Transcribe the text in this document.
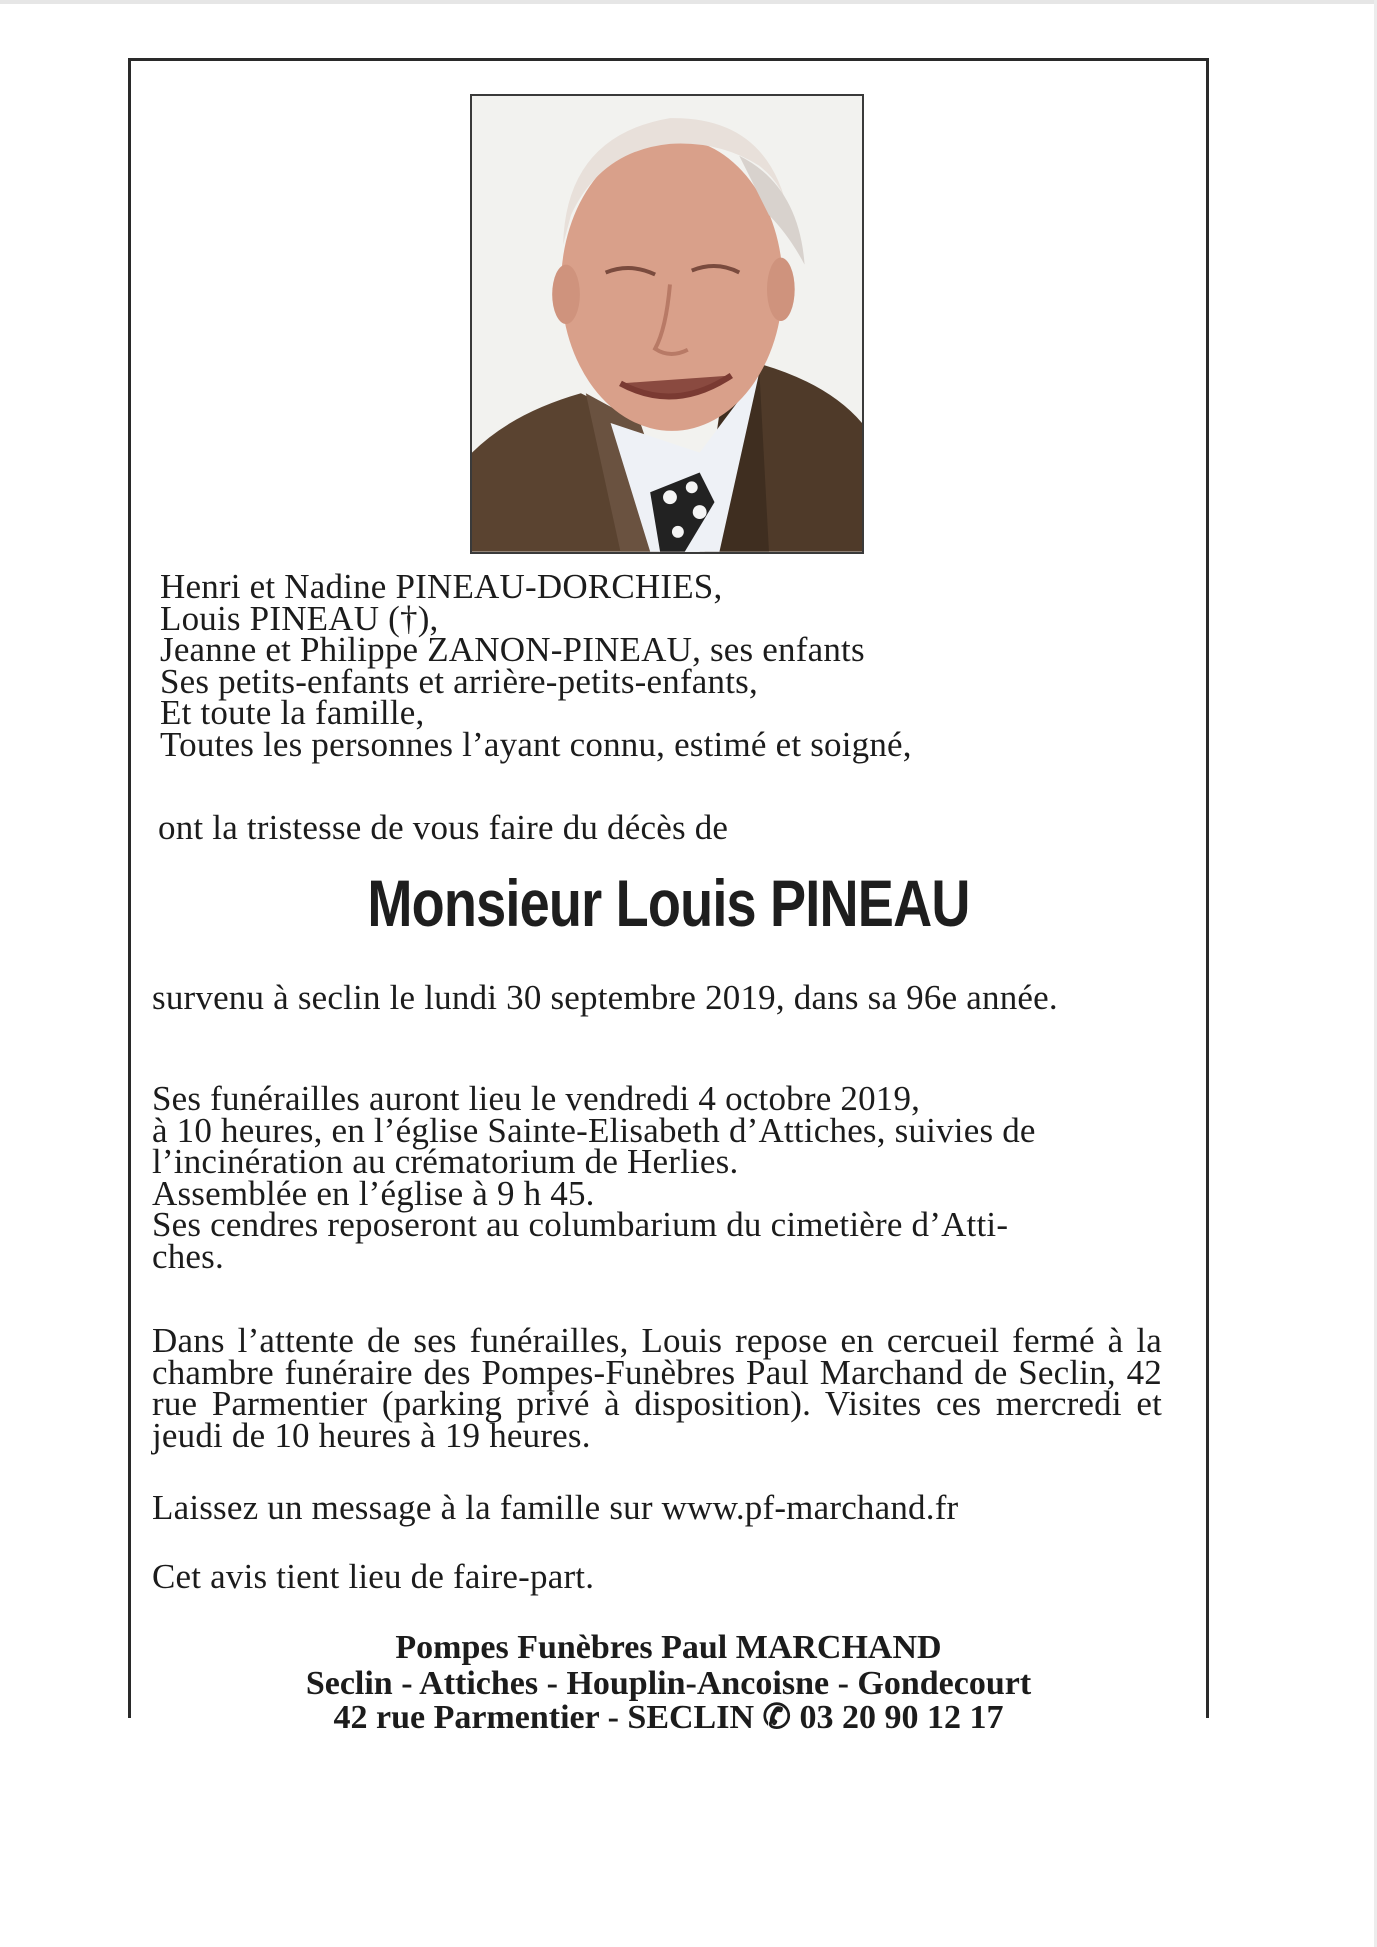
Henri et Nadine PINEAU-DORCHIES,
Louis PINEAU (†),
Jeanne et Philippe ZANON-PINEAU, ses enfants
Ses petits-enfants et arrière-petits-enfants,
Et toute la famille,
Toutes les personnes l’ayant connu, estimé et soigné,
ont la tristesse de vous faire du décès de
Monsieur Louis PINEAU
survenu à seclin le lundi 30 septembre 2019, dans sa 96e année.
Ses funérailles auront lieu le vendredi 4 octobre 2019,
à 10 heures, en l’église Sainte-Elisabeth d’Attiches, suivies de
l’incinération au crématorium de Herlies.
Assemblée en l’église à 9 h 45.
Ses cendres reposeront au columbarium du cimetière d’Atti-
ches.
Dans l’attente de ses funérailles, Louis repose en cercueil fermé à la chambre funéraire des Pompes-Funèbres Paul Marchand de Seclin, 42 rue Parmentier (parking privé à disposition). Visites ces mercredi et jeudi de 10 heures à 19 heures.
Laissez un message à la famille sur www.pf-marchand.fr
Cet avis tient lieu de faire-part.
Pompes Funèbres Paul MARCHAND
Seclin - Attiches - Houplin-Ancoisne - Gondecourt
42 rue Parmentier - SECLIN ✆ 03 20 90 12 17
